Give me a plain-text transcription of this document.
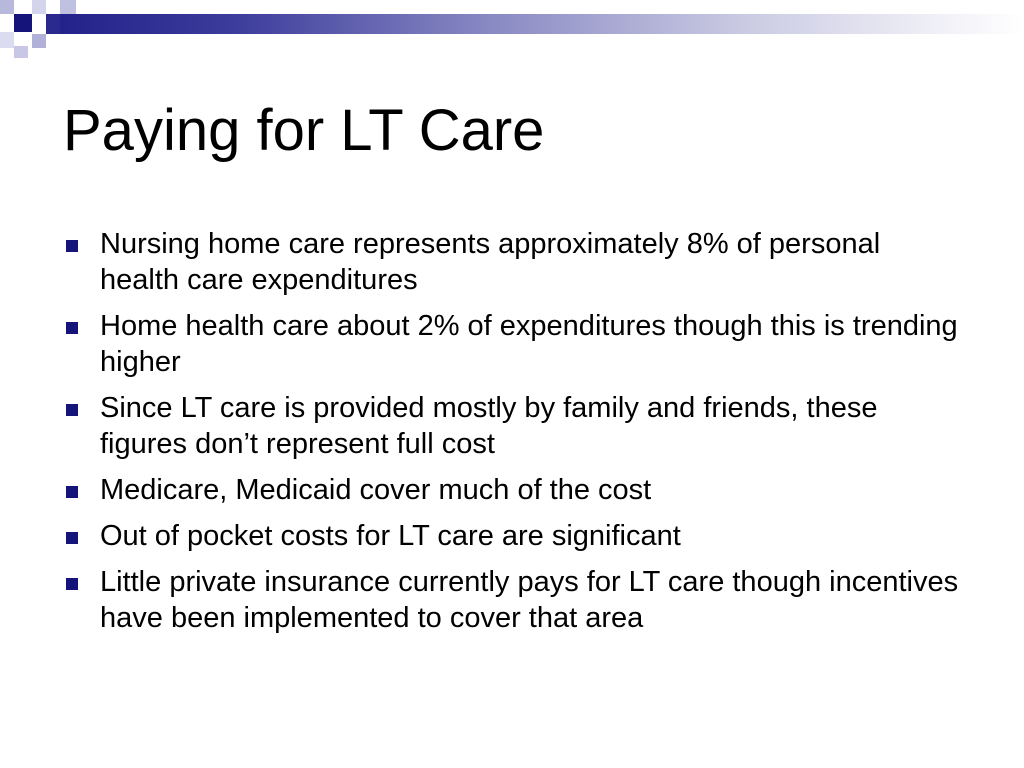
Paying for LT Care
Nursing home care represents approximately 8% of personal health care expenditures
Home health care about 2% of expenditures though this is trending higher
Since LT care is provided mostly by family and friends, these figures don’t represent full cost
Medicare, Medicaid cover much of the cost
Out of pocket costs for LT care are significant
Little private insurance currently pays for LT care though incentives have been implemented to cover that area
